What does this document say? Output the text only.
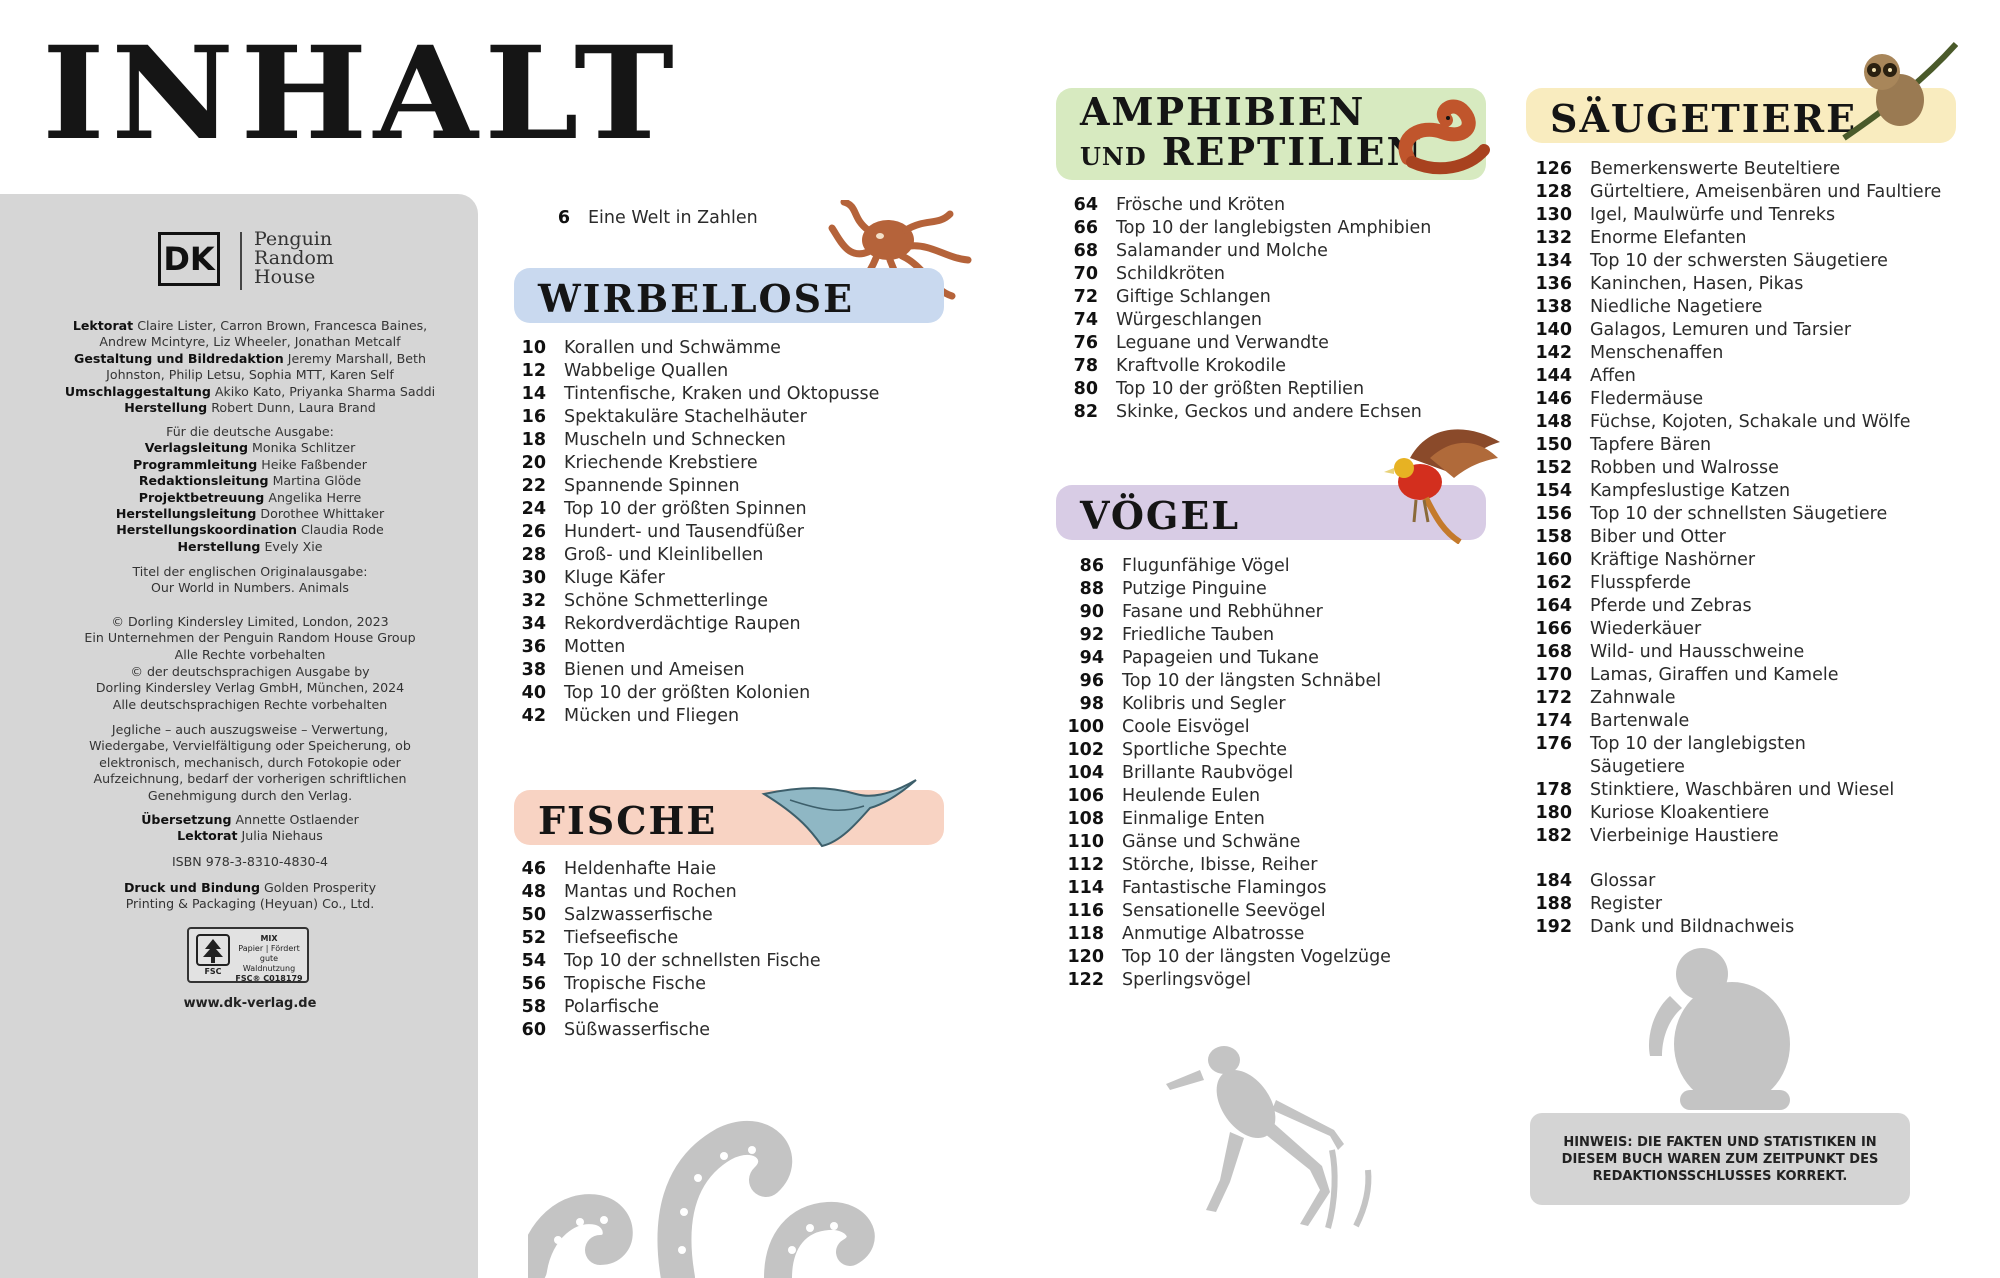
INHALT
DK
Penguin Random House
Lektorat Claire Lister, Carron Brown, Francesca Baines, Andrew Mcintyre, Liz Wheeler, Jonathan Metcalf
Gestaltung und Bildredaktion Jeremy Marshall, Beth Johnston, Philip Letsu, Sophia MTT, Karen Self
Umschlaggestaltung Akiko Kato, Priyanka Sharma Saddi
Herstellung Robert Dunn, Laura Brand
Für die deutsche Ausgabe:
Verlagsleitung Monika Schlitzer
Programmleitung Heike Faßbender
Redaktionsleitung Martina Glöde
Projektbetreuung Angelika Herre
Herstellungsleitung Dorothee Whittaker
Herstellungskoordination Claudia Rode
Herstellung Evely Xie
Titel der englischen Originalausgabe:
Our World in Numbers. Animals
© Dorling Kindersley Limited, London, 2023
Ein Unternehmen der Penguin Random House Group
Alle Rechte vorbehalten
© der deutschsprachigen Ausgabe by
Dorling Kindersley Verlag GmbH, München, 2024
Alle deutschsprachigen Rechte vorbehalten
Jegliche – auch auszugsweise – Verwertung, Wiedergabe, Vervielfältigung oder Speicherung, ob elektronisch, mechanisch, durch Fotokopie oder Aufzeichnung, bedarf der vorherigen schriftlichen Genehmigung durch den Verlag.
Übersetzung Annette Ostlaender
Lektorat Julia Niehaus
ISBN 978-3-8310-4830-4
Druck und Bindung Golden Prosperity Printing & Packaging (Heyuan) Co., Ltd.
FSC
MIX
Papier | Fördert
gute Waldnutzung
FSC® C018179
www.dk-verlag.de
6	Eine Welt in Zahlen
WIRBELLOSE
10	Korallen und Schwämme
12	Wabbelige Quallen
14	Tintenfische, Kraken und Oktopusse
16	Spektakuläre Stachelhäuter
18	Muscheln und Schnecken
20	Kriechende Krebstiere
22	Spannende Spinnen
24	Top 10 der größten Spinnen
26	Hundert- und Tausendfüßer
28	Groß- und Kleinlibellen
30	Kluge Käfer
32	Schöne Schmetterlinge
34	Rekordverdächtige Raupen
36	Motten
38	Bienen und Ameisen
40	Top 10 der größten Kolonien
42	Mücken und Fliegen
FISCHE
46	Heldenhafte Haie
48	Mantas und Rochen
50	Salzwasserfische
52	Tiefseefische
54	Top 10 der schnellsten Fische
56	Tropische Fische
58	Polarfische
60	Süßwasserfische
AMPHIBIEN
UND REPTILIEN
64	Frösche und Kröten
66	Top 10 der langlebigsten Amphibien
68	Salamander und Molche
70	Schildkröten
72	Giftige Schlangen
74	Würgeschlangen
76	Leguane und Verwandte
78	Kraftvolle Krokodile
80	Top 10 der größten Reptilien
82	Skinke, Geckos und andere Echsen
VÖGEL
86	Flugunfähige Vögel
88	Putzige Pinguine
90	Fasane und Rebhühner
92	Friedliche Tauben
94	Papageien und Tukane
96	Top 10 der längsten Schnäbel
98	Kolibris und Segler
100	Coole Eisvögel
102	Sportliche Spechte
104	Brillante Raubvögel
106	Heulende Eulen
108	Einmalige Enten
110	Gänse und Schwäne
112	Störche, Ibisse, Reiher
114	Fantastische Flamingos
116	Sensationelle Seevögel
118	Anmutige Albatrosse
120	Top 10 der längsten Vogelzüge
122	Sperlingsvögel
SÄUGETIERE
126	Bemerkenswerte Beuteltiere
128	Gürteltiere, Ameisenbären und Faultiere
130	Igel, Maulwürfe und Tenreks
132	Enorme Elefanten
134	Top 10 der schwersten Säugetiere
136	Kaninchen, Hasen, Pikas
138	Niedliche Nagetiere
140	Galagos, Lemuren und Tarsier
142	Menschenaffen
144	Affen
146	Fledermäuse
148	Füchse, Kojoten, Schakale und Wölfe
150	Tapfere Bären
152	Robben und Walrosse
154	Kampfeslustige Katzen
156	Top 10 der schnellsten Säugetiere
158	Biber und Otter
160	Kräftige Nashörner
162	Flusspferde
164	Pferde und Zebras
166	Wiederkäuer
168	Wild- und Hausschweine
170	Lamas, Giraffen und Kamele
172	Zahnwale
174	Bartenwale
176	Top 10 der langlebigsten
Säugetiere
178	Stinktiere, Waschbären und Wiesel
180	Kuriose Kloakentiere
182	Vierbeinige Haustiere
184	Glossar
188	Register
192	Dank und Bildnachweis
HINWEIS: DIE FAKTEN UND STATISTIKEN IN DIESEM BUCH WAREN ZUM ZEITPUNKT DES REDAKTIONSSCHLUSSES KORREKT.
